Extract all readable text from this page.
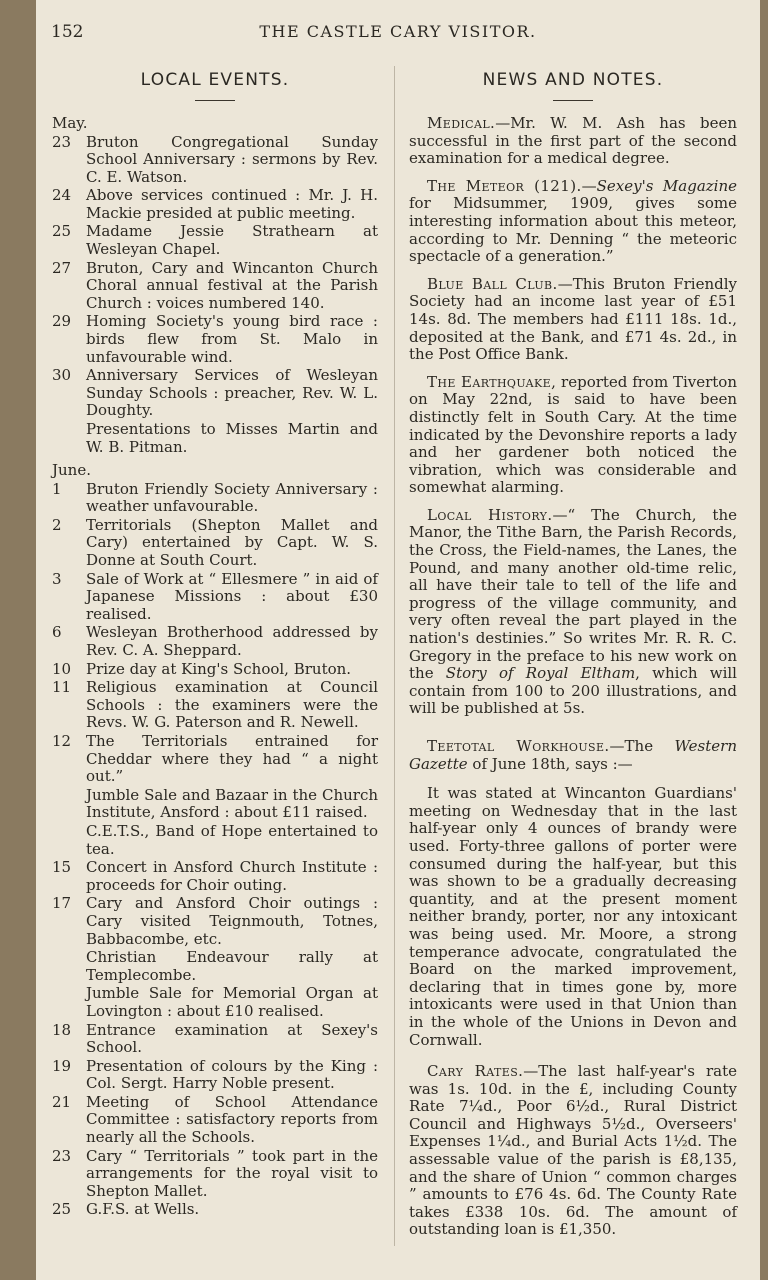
152	THE CASTLE CARY VISITOR.
LOCAL EVENTS.
May.
23 Bruton Congregational Sunday School Anniversary : sermons by Rev. C. E. Watson.
24 Above services continued : Mr. J. H. Mackie presided at public meeting.
25 Madame Jessie Strathearn at Wesleyan Chapel.
27 Bruton, Cary and Wincanton Church Choral annual festival at the Parish Church : voices numbered 140.
29 Homing Society's young bird race : birds flew from St. Malo in unfavourable wind.
30 Anniversary Services of Wesleyan Sunday Schools : preacher, Rev. W. L. Doughty.
Presentations to Misses Martin and W. B. Pitman.
June.
1	Bruton Friendly Society Anniversary : weather unfavourable.
2	Territorials (Shepton Mallet and Cary) entertained by Capt. W. S. Donne at South Court.
3	Sale of Work at “ Ellesmere ” in aid of Japanese Missions : about £30 realised.
6	Wesleyan Brotherhood addressed by Rev. C. A. Sheppard.
10 Prize day at King's School, Bruton.
11 Religious examination at Council Schools : the examiners were the Revs. W. G. Paterson and R. Newell.
12 The Territorials entrained for Cheddar where they had “ a night out.”
Jumble Sale and Bazaar in the Church Institute, Ansford : about £11 raised.
C.E.T.S., Band of Hope entertained to tea.
15 Concert in Ansford Church Institute : proceeds for Choir outing.
17 Cary and Ansford Choir outings : Cary visited Teignmouth, Totnes, Babbacombe, etc.
Christian Endeavour rally at Templecombe.
Jumble Sale for Memorial Organ at Lovington : about £10 realised.
18 Entrance examination at Sexey's School.
19 Presentation of colours by the King : Col. Sergt. Harry Noble present.
21 Meeting of School Attendance Committee : satisfactory reports from nearly all the Schools.
23 Cary “ Territorials ” took part in the arrangements for the royal visit to Shepton Mallet.
25 G.F.S. at Wells.
NEWS AND NOTES.

Medical.—Mr. W. M. Ash has been successful in the first part of the second examination for a medical degree.

The Meteor (121).—Sexey's Magazine for Midsummer, 1909, gives some interesting information about this meteor, according to Mr. Denning “ the meteoric spectacle of a generation.”

Blue Ball Club.—This Bruton Friendly Society had an income last year of £51 14s. 8d. The members had £111 18s. 1d., deposited at the Bank, and £71 4s. 2d., in the Post Office Bank.

The Earthquake, reported from Tiverton on May 22nd, is said to have been distinctly felt in South Cary. At the time indicated by the Devonshire reports a lady and her gardener both noticed the vibration, which was considerable and somewhat alarming.

Local History.—“ The Church, the Manor, the Tithe Barn, the Parish Records, the Cross, the Field-names, the Lanes, the Pound, and many another old-time relic, all have their tale to tell of the life and progress of the village community, and very often reveal the part played in the nation's destinies.” So writes Mr. R. R. C. Gregory in the preface to his new work on the Story of Royal Eltham, which will contain from 100 to 200 illustrations, and will be published at 5s.

Teetotal Workhouse.—The Western Gazette of June 18th, says :—

It was stated at Wincanton Guardians' meeting on Wednesday that in the last half-year only 4 ounces of brandy were used. Forty-three gallons of porter were consumed during the half-year, but this was shown to be a gradually decreasing quantity, and at the present moment neither brandy, porter, nor any intoxicant was being used. Mr. Moore, a strong temperance advocate, congratulated the Board on the marked improvement, declaring that in times gone by, more intoxicants were used in that Union than in the whole of the Unions in Devon and Cornwall.

Cary Rates.—The last half-year's rate was 1s. 10d. in the £, including County Rate 7¼d., Poor 6½d., Rural District Council and Highways 5½d., Overseers' Expenses 1¼d., and Burial Acts 1½d. The assessable value of the parish is £8,135, and the share of Union “ common charges ” amounts to £76 4s. 6d. The County Rate takes £338 10s. 6d. The amount of outstanding loan is £1,350.
